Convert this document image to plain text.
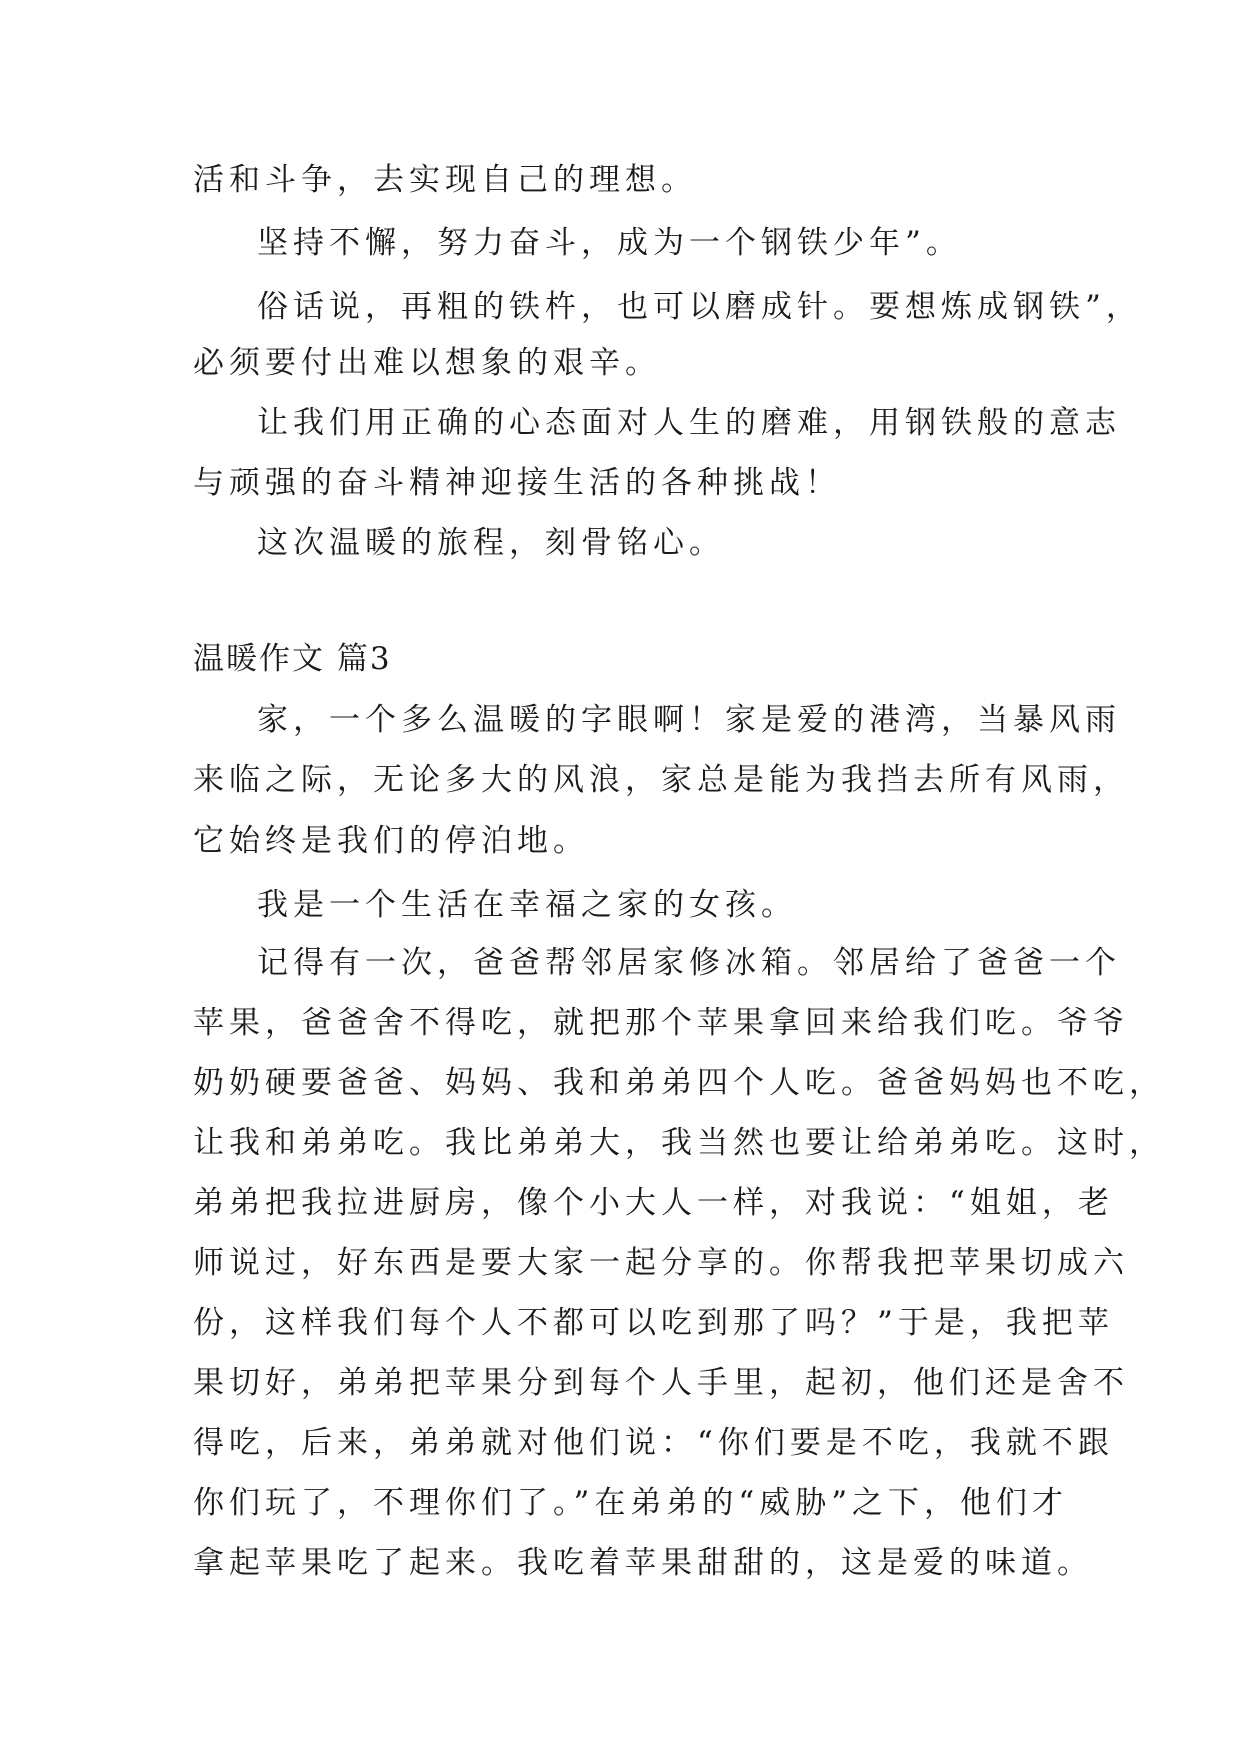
活和斗争，去实现自己的理想。
坚持不懈，努力奋斗，成为一个钢铁少年”。
俗话说，再粗的铁杵，也可以磨成针。要想炼成钢铁”，
必须要付出难以想象的艰辛。
让我们用正确的心态面对人生的磨难，用钢铁般的意志
与顽强的奋斗精神迎接生活的各种挑战！
这次温暖的旅程，刻骨铭心。
温暖作文 篇3
家，一个多么温暖的字眼啊！家是爱的港湾，当暴风雨
来临之际，无论多大的风浪，家总是能为我挡去所有风雨，
它始终是我们的停泊地。
我是一个生活在幸福之家的女孩。
记得有一次，爸爸帮邻居家修冰箱。邻居给了爸爸一个
苹果，爸爸舍不得吃，就把那个苹果拿回来给我们吃。爷爷
奶奶硬要爸爸、妈妈、我和弟弟四个人吃。爸爸妈妈也不吃，
让我和弟弟吃。我比弟弟大，我当然也要让给弟弟吃。这时，
弟弟把我拉进厨房，像个小大人一样，对我说：“姐姐，老
师说过，好东西是要大家一起分享的。你帮我把苹果切成六
份，这样我们每个人不都可以吃到那了吗？”于是，我把苹
果切好，弟弟把苹果分到每个人手里，起初，他们还是舍不
得吃，后来，弟弟就对他们说：“你们要是不吃，我就不跟
你们玩了，不理你们了。”在弟弟的“威胁”之下，他们才
拿起苹果吃了起来。我吃着苹果甜甜的，这是爱的味道。
